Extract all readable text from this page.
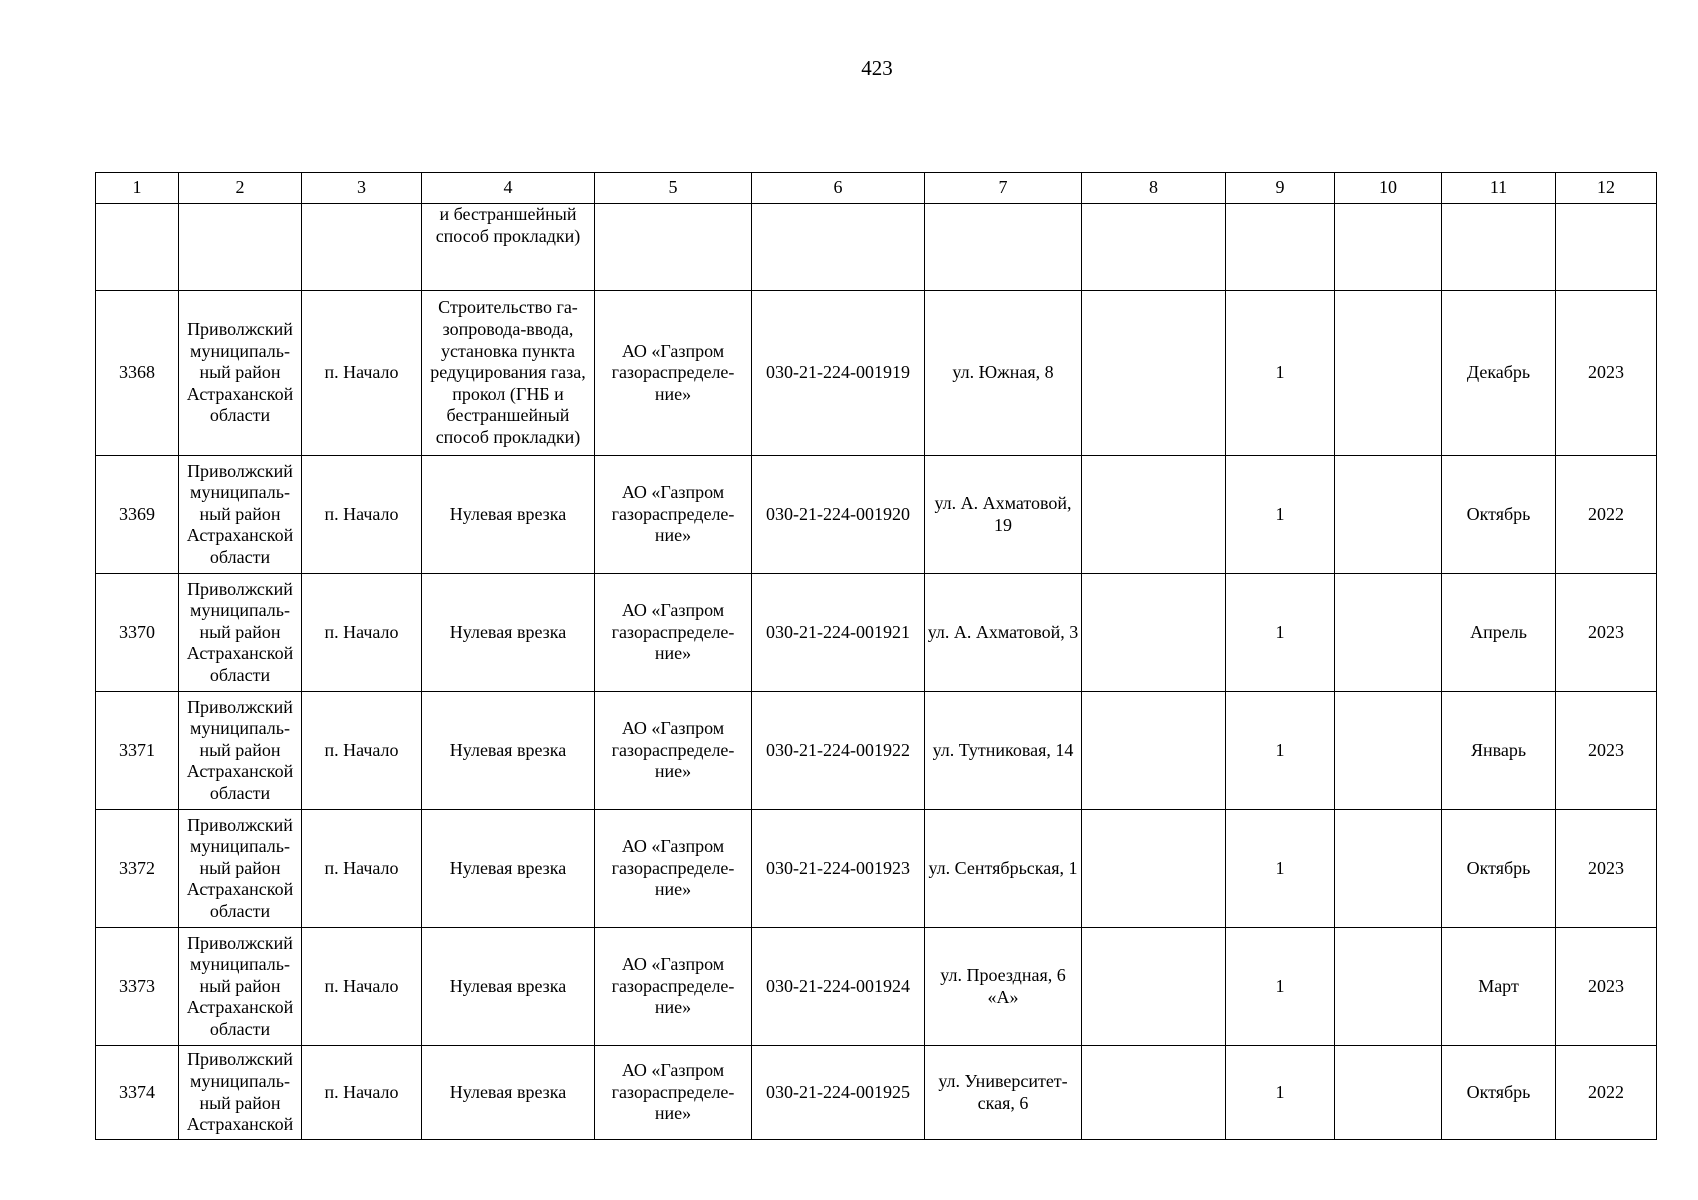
423
1	2	3	4	5	6	7	8	9	10	11	12
			и бестраншейный способ прокладки)								
3368	Приволжский муниципаль- ный район Астраханской области	п. Начало	Строительство га- зопровода-ввода, установка пункта редуцирования газа, прокол (ГНБ и бестраншейный способ прокладки)	АО «Газпром газораспределе- ние»	030-21-224-001919	ул. Южная, 8		1		Декабрь	2023
3369	Приволжский муниципаль- ный район Астраханской области	п. Начало	Нулевая врезка	АО «Газпром газораспределе- ние»	030-21-224-001920	ул. А. Ахматовой, 19		1		Октябрь	2022
3370	Приволжский муниципаль- ный район Астраханской области	п. Начало	Нулевая врезка	АО «Газпром газораспределе- ние»	030-21-224-001921	ул. А. Ахматовой, 3		1		Апрель	2023
3371	Приволжский муниципаль- ный район Астраханской области	п. Начало	Нулевая врезка	АО «Газпром газораспределе- ние»	030-21-224-001922	ул. Тутниковая, 14		1		Январь	2023
3372	Приволжский муниципаль- ный район Астраханской области	п. Начало	Нулевая врезка	АО «Газпром газораспределе- ние»	030-21-224-001923	ул. Сентябрьская, 1		1		Октябрь	2023
3373	Приволжский муниципаль- ный район Астраханской области	п. Начало	Нулевая врезка	АО «Газпром газораспределе- ние»	030-21-224-001924	ул. Проездная, 6 «А»		1		Март	2023
3374	Приволжский муниципаль- ный район Астраханской	п. Начало	Нулевая врезка	АО «Газпром газораспределе- ние»	030-21-224-001925	ул. Университет- ская, 6		1		Октябрь	2022
